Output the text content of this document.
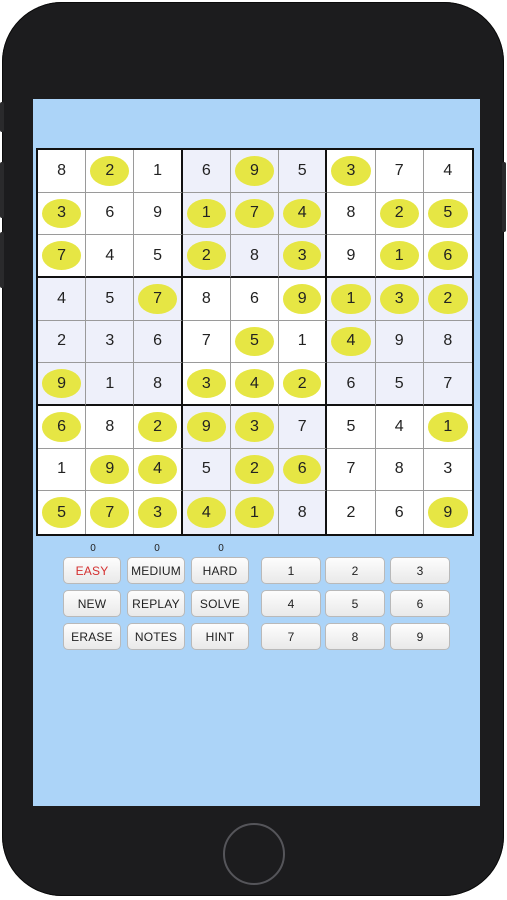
8 2 1 6 9 5 3 7 4
3 6 9 1 7 4 8 2 5
7 4 5 2 8 3 9 1 6
4 5 7 8 6 9 1 3 2
2 3 6 7 5 1 4 9 8
9 1 8 3 4 2 6 5 7
6 8 2 9 3 7 5 4 1
1 9 4 5 2 6 7 8 3
5 7 3 4 1 8 2 6 9
0	0	0
EASY	MEDIUM	HARD
NEW	REPLAY	SOLVE
ERASE	NOTES	HINT
1	2	3
4	5	6
7	8	9
